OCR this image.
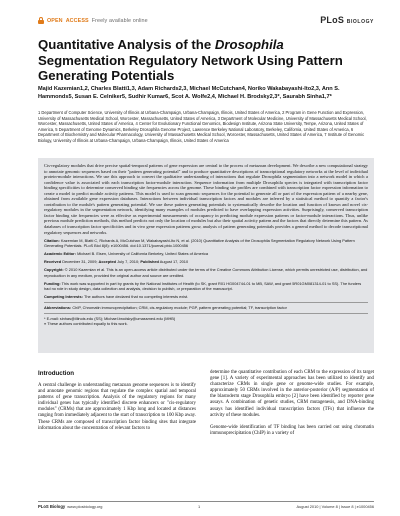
OPEN ACCESS Freely available online	PLoS BIOLOGY
Quantitative Analysis of the Drosophila Segmentation Regulatory Network Using Pattern Generating Potentials
Majid Kazemian1,2, Charles Blatti1,3, Adam Richards2,3, Michael McCutchan4, Noriko Wakabayashi-Ito2,3, Ann S. Hammonds5, Susan E. Celniker5, Sudhir Kumar6, Scot A. Wolfe2,4, Michael H. Brodsky2,3*, Saurabh Sinha1,7*
1 Department of Computer Science, University of Illinois at Urbana-Champaign, Urbana-Champaign, Illinois, United States of America, 2 Program in Gene Function and Expression, University of Massachusetts Medical School, Worcester, Massachusetts, United States of America, 3 Department of Molecular Medicine, University of Massachusetts Medical School, Worcester, Massachusetts, United States of America, 4 Center for Evolutionary Functional Genomics, Biodesign Institute, Arizona State University, Tempe, Arizona, United States of America, 5 Department of Genome Dynamics, Berkeley Drosophila Genome Project, Lawrence Berkeley National Laboratory, Berkeley, California, United States of America, 6 Department of Biochemistry and Molecular Pharmacology, University of Massachusetts Medical School, Worcester, Massachusetts, United States of America, 7 Institute of Genomic Biology, University of Illinois at Urbana-Champaign, Urbana-Champaign, Illinois, United States of America
Cis-regulatory modules that drive precise spatial-temporal patterns of gene expression are central to the process of metazoan development. We describe a new computational strategy to annotate genomic sequences based on their "pattern generating potential" and to produce quantitative descriptions of transcriptional regulatory networks at the level of individual protein-module interactions. We use this approach to convert the qualitative understanding of interactions that regulate Drosophila segmentation into a network model in which a confidence value is associated with each transcription factor-module interaction. Sequence information from multiple Drosophila species is integrated with transcription factor binding specificities to determine conserved binding site frequencies across the genome. These binding site profiles are combined with transcription factor expression information to create a model to predict module activity patterns. This model is used to scan genomic sequences for the potential to generate all or part of the expression pattern of a nearby gene, obtained from available gene expression databases. Interactions between individual transcription factors and modules are inferred by a statistical method to quantify a factor's contribution to the module's pattern generating potential. We use these pattern generating potentials to systematically describe the location and function of known and novel cis-regulatory modules in the segmentation network, identifying many examples of modules predicted to have overlapping expression activities. Surprisingly, conserved transcription factor binding site frequencies were as effective as experimental measurements of occupancy in predicting module expression patterns or factor-module interactions. Thus, unlike previous module prediction methods, this method predicts not only the location of modules but also their spatial activity pattern and the factors that directly determine this pattern. As databases of transcription factor specificities and in vivo gene expression patterns grow, analysis of pattern generating potentials provides a general method to decode transcriptional regulatory sequences and networks.
Citation: Kazemian M, Blatti C, Richards A, McCutchan M, Wakabayashi-Ito N, et al. (2010) Quantitative Analysis of the Drosophila Segmentation Regulatory Network Using Pattern Generating Potentials. PLoS Biol 8(8): e1000456. doi:10.1371/journal.pbio.1000456
Academic Editor: Michael B. Eisen, University of California Berkeley, United States of America
Received December 31, 2009; Accepted July 7, 2010; Published August 17, 2010
Copyright: © 2010 Kazemian et al. This is an open-access article distributed under the terms of the Creative Commons Attribution License, which permits unrestricted use, distribution, and reproduction in any medium, provided the original author and source are credited.
Funding: This work was supported in part by grants by the National Institutes of Health (to SK, grant R01 HG004744-01 to MB, SAW, and grant 5R01GM081314-01 to SS). The funders had no role in study design, data collection and analysis, decision to publish, or preparation of the manuscript.
Competing Interests: The authors have declared that no competing interests exist.
Abbreviations: ChIP, Chromatin immunoprecipitation; CRM, cis-regulatory module; PGP, pattern generating potential; TF, transcription factor
* E-mail: sinhas@illinois.edu (SS); Michael.brodsky@umassmed.edu (MHB)
≡ These authors contributed equally to this work.
Introduction
A central challenge in understanding metazoan genome sequences is to identify and annotate genomic regions that regulate the complex spatial and temporal patterns of gene transcription. Analysis of the regulatory regions for many individual genes has typically identified discrete enhancers or "cis-regulatory modules" (CRMs) that are approximately 1 Kbp long and located at distances ranging from immediately adjacent to the start of transcription to 100 Kbp away. These CRMs are composed of transcription factor binding sites that integrate information about the concentration of relevant factors to
determine the quantitative contribution of each CRM to the expression of its target gene [1]. A variety of experimental approaches has been utilized to identify and characterize CRMs in single gene or genome-wide studies. For example, approximately 50 CRMs involved in the anterior-posterior (A/P) segmentation of the blastoderm stage Drosophila embryo [2] have been identified by reporter gene assays. A combination of genetic studies, CRM mutagenesis, and DNA-binding assays has identified individual transcription factors (TFs) that influence the activity of these modules.

Genome-wide identification of TF binding has been carried out using chromatin immunoprecipitation (ChIP) in a variety of
PLoS Biology www.plosbiology.org	1	August 2010 | Volume 8 | Issue 8 | e1000456
